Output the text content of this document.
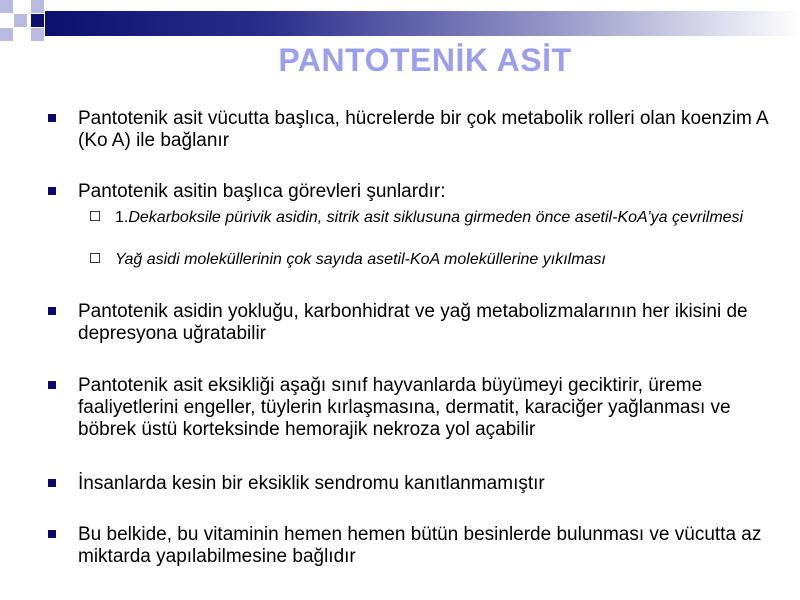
PANTOTENİK ASİT
Pantotenik asit vücutta başlıca, hücrelerde bir çok metabolik rolleri olan koenzim A (Ko A) ile bağlanır
Pantotenik asitin başlıca görevleri şunlardır:
1.Dekarboksile pürivik asidin, sitrik asit siklusuna girmeden önce asetil-KoA’ya çevrilmesi
Yağ asidi moleküllerinin çok sayıda asetil-KoA moleküllerine yıkılması
Pantotenik asidin yokluğu, karbonhidrat ve yağ metabolizmalarının her ikisini de depresyona uğratabilir
Pantotenik asit eksikliği aşağı sınıf hayvanlarda büyümeyi geciktirir, üreme faaliyetlerini engeller, tüylerin kırlaşmasına, dermatit, karaciğer yağlanması ve böbrek üstü korteksinde hemorajik nekroza yol açabilir
İnsanlarda kesin bir eksiklik sendromu kanıtlanmamıştır
Bu belkide, bu vitaminin hemen hemen bütün besinlerde bulunması ve vücutta az miktarda yapılabilmesine bağlıdır
